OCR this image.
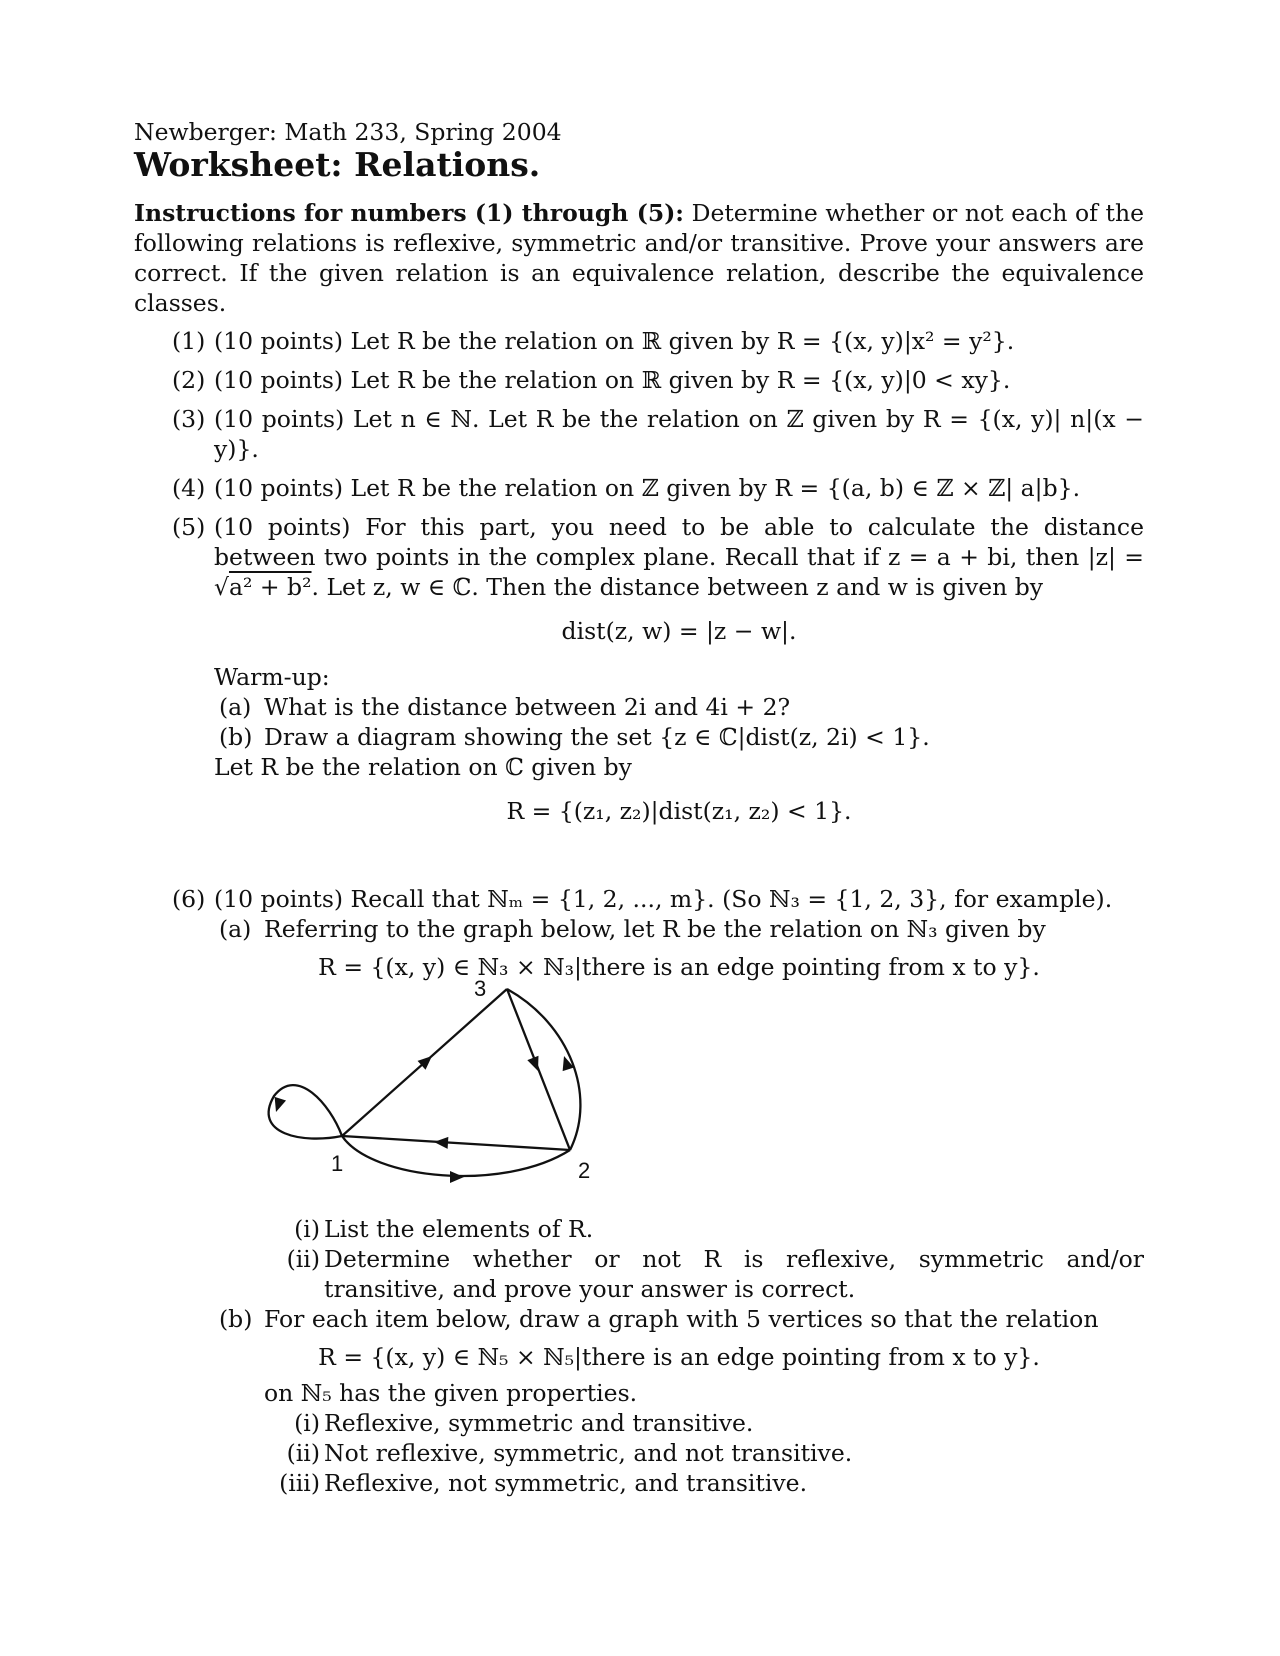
Newberger: Math 233, Spring 2004
Worksheet: Relations.
Instructions for numbers (1) through (5): Determine whether or not each of the following relations is reflexive, symmetric and/or transitive. Prove your answers are correct. If the given relation is an equivalence relation, describe the equivalence classes.
(1) (10 points) Let R be the relation on ℝ given by R = {(x, y)|x² = y²}.
(2) (10 points) Let R be the relation on ℝ given by R = {(x, y)|0 < xy}.
(3) (10 points) Let n ∈ ℕ. Let R be the relation on ℤ given by R = {(x, y)| n|(x − y)}.
(4) (10 points) Let R be the relation on ℤ given by R = {(a, b) ∈ ℤ × ℤ| a|b}.
(5) (10 points) For this part, you need to be able to calculate the distance between two points in the complex plane. Recall that if z = a + bi, then |z| = √a² + b². Let z, w ∈ ℂ. Then the distance between z and w is given by
dist(z, w) = |z − w|.
Warm-up:
(a) What is the distance between 2i and 4i + 2?
(b) Draw a diagram showing the set {z ∈ ℂ|dist(z, 2i) < 1}.
Let R be the relation on ℂ given by
R = {(z₁, z₂)|dist(z₁, z₂) < 1}.
(6) (10 points) Recall that ℕₘ = {1, 2, ..., m}. (So ℕ₃ = {1, 2, 3}, for example).
(a) Referring to the graph below, let R be the relation on ℕ₃ given by
R = {(x, y) ∈ ℕ₃ × ℕ₃|there is an edge pointing from x to y}.
1	2
3
(i) List the elements of R.
(ii) Determine whether or not R is reflexive, symmetric and/or transitive, and prove your answer is correct.
(b) For each item below, draw a graph with 5 vertices so that the relation
R = {(x, y) ∈ ℕ₅ × ℕ₅|there is an edge pointing from x to y}.
on ℕ₅ has the given properties.
(i) Reflexive, symmetric and transitive.
(ii) Not reflexive, symmetric, and not transitive.
(iii) Reflexive, not symmetric, and transitive.
